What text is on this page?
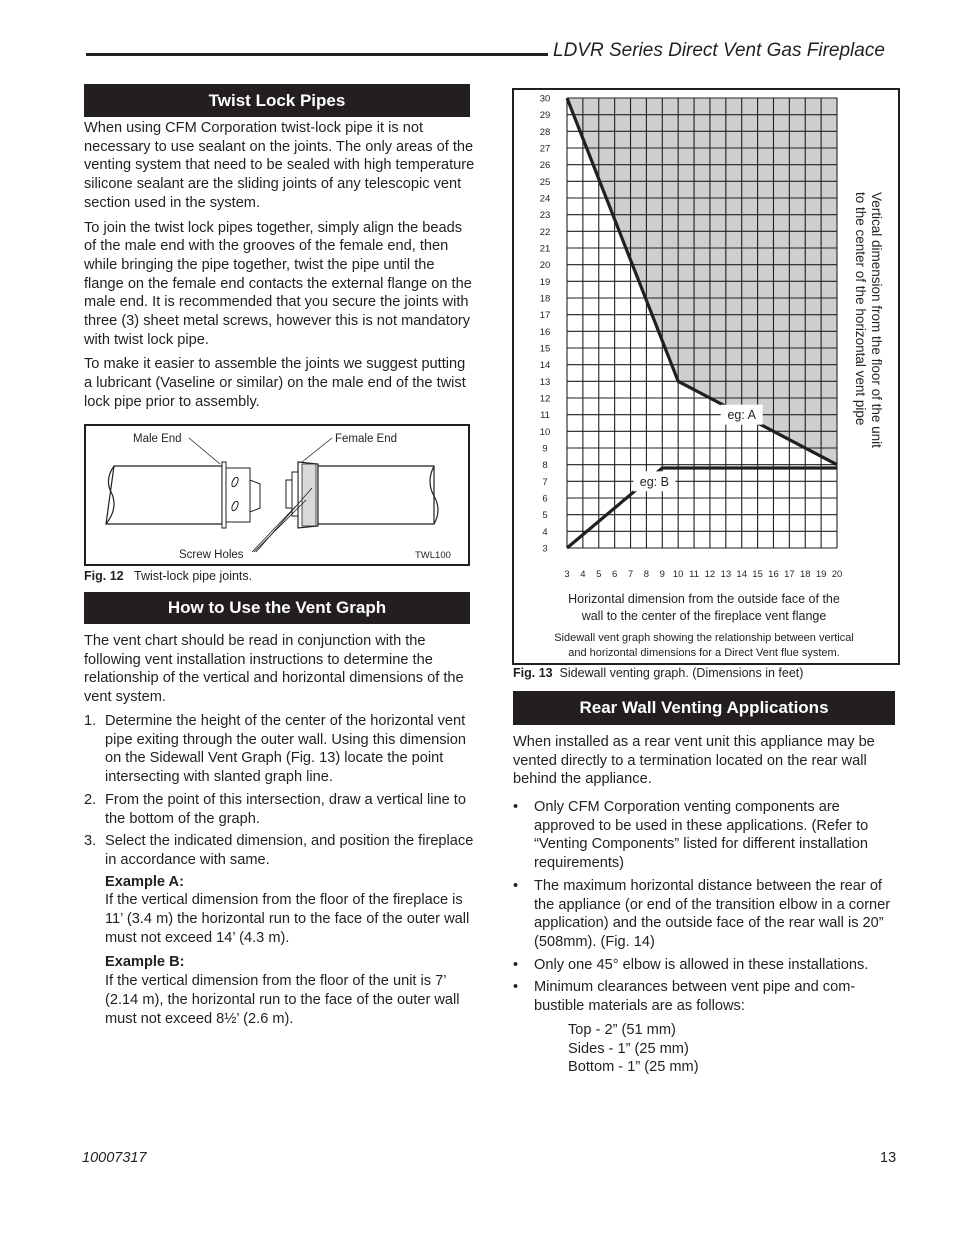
LDVR Series Direct Vent Gas Fireplace
Twist Lock Pipes

When using CFM Corporation twist-lock pipe it is not necessary to use sealant on the joints. The only areas of the venting system that need to be sealed with high temperature silicone sealant are the sliding joints of any telescopic vent section used in the system.

To join the twist lock pipes together, simply align the beads of the male end with the grooves of the female end, then while bringing the pipe together, twist the pipe until the flange on the female end contacts the external flange on the male end. It is recommended that you secure the joints with three (3) sheet metal screws, however this is not mandatory with twist lock pipe.

To make it easier to assemble the joints we suggest putting a lubricant (Vaseline or similar) on the male end of the twist lock pipe prior to assembly.

Male End	Female End
Screw Holes	TWL100
Fig. 12 Twist-lock pipe joints.
How to Use the Vent Graph
The vent chart should be read in conjunction with the following vent installation instructions to determine the relationship of the vertical and horizontal dimensions of the vent system.
1. Determine the height of the center of the horizontal vent pipe exiting through the outer wall. Using this dimension on the Sidewall Vent Graph (Fig. 13) locate the point intersecting with slanted graph line.
2. From the point of this intersection, draw a vertical line to the bottom of the graph.
3. Select the indicated dimension, and position the fireplace in accordance with same.
Example A:
If the vertical dimension from the floor of the fireplace is 11’ (3.4 m) the horizontal run to the face of the outer wall must not exceed 14’ (4.3 m).
Example B:
If the vertical dimension from the floor of the unit is 7’ (2.14 m), the horizontal run to the face of the outer wall must not exceed 8½’ (2.6 m).
3
4
5
6
7
8
9
10
11
12
13
14
15
16
17
18
19
20
21
22
23
24
25
26
27
28
29
30
3 4 5 6 7 8 9 10 11 12 13 14 15 16 17 18 19 20
eg: A
eg: B
Horizontal dimension from the outside face of the
wall to the center of the fireplace vent flange
Sidewall vent graph showing the relationship between vertical
and horizontal dimensions for a Direct Vent flue system.
Vertical dimension from the floor of the unit
to the center of the horizontal vent pipe
Fig. 13 Sidewall venting graph. (Dimensions in feet)
Rear Wall Venting Applications
When installed as a rear vent unit this appliance may be vented directly to a termination located on the rear wall behind the appliance.
• Only CFM Corporation venting components are approved to be used in these applications. (Refer to “Venting Components” listed for different installation requirements)
• The maximum horizontal distance between the rear of the appliance (or end of the transition elbow in a corner application) and the outside face of the rear wall is 20” (508mm). (Fig. 14)
• Only one 45° elbow is allowed in these installations.
• Minimum clearances between vent pipe and com-bustible materials are as follows:
Top - 2” (51 mm)
Sides - 1” (25 mm)
Bottom - 1” (25 mm)
10007317	13
